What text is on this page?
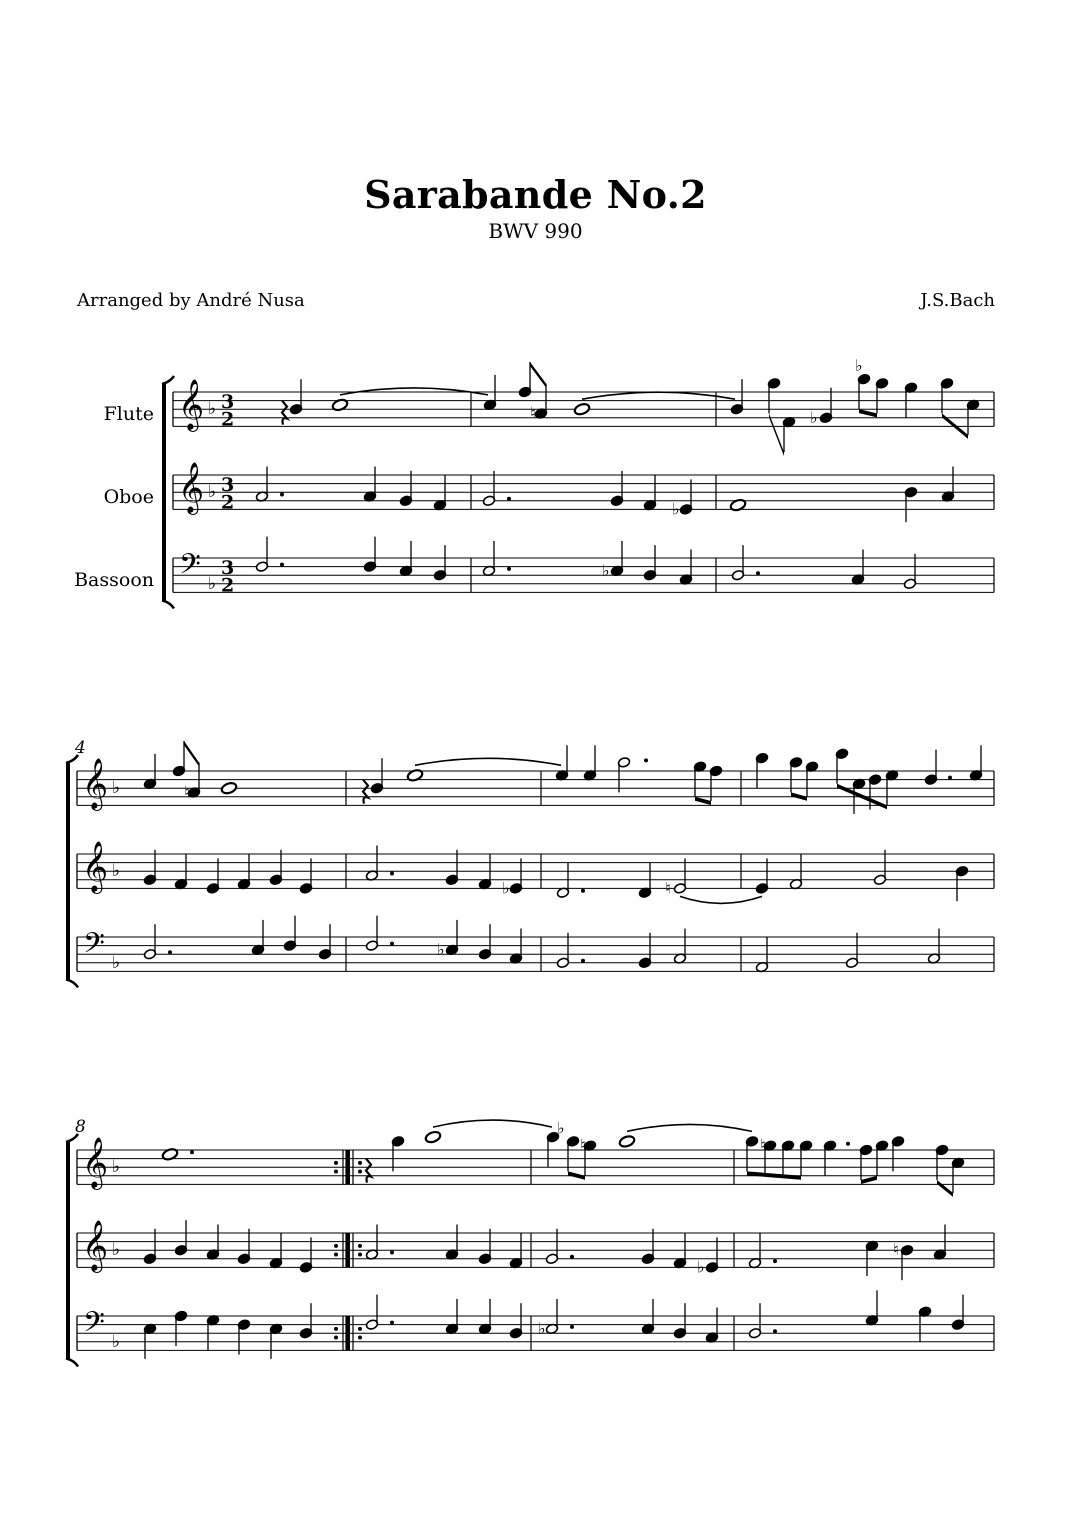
Sarabande No.2
BWV 990
Arranged by André Nusa	J.S.Bach
Flute
Oboe
Bassoon
𝄞 ♭ 3
2
𝄞 ♭ 3
2
𝄢 ♭
3
2
𝄞 ♭
𝄞 ♭
𝄢 ♭
4
𝄞 ♭
𝄞 ♭
𝄢 ♭
8
♮	♭
♭
♭
♭
♮
♭	♮
♭
♭
♮	♮
♭
♮
♭
